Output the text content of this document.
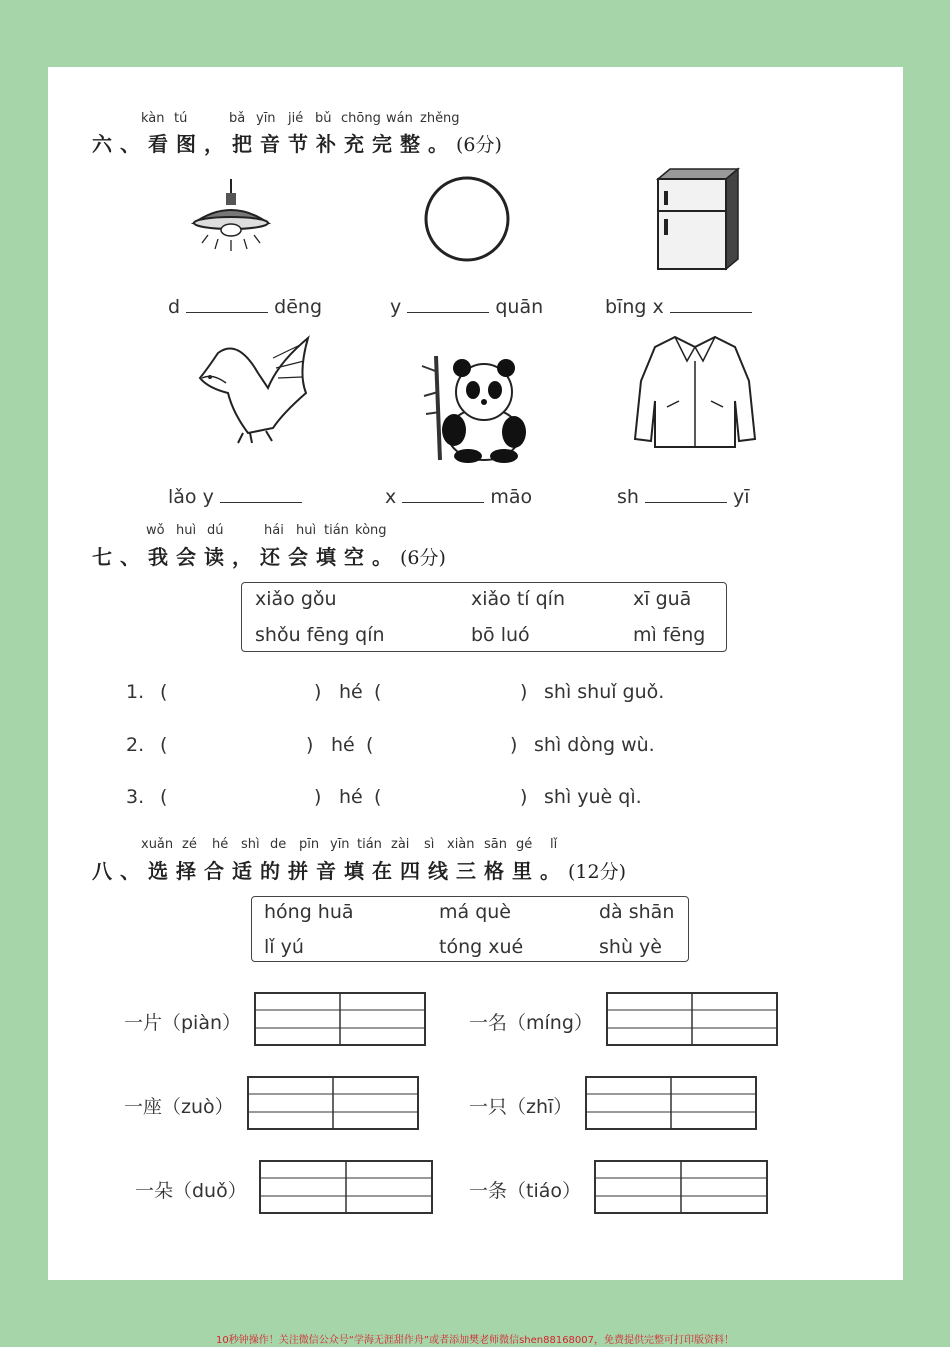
kàn tú	bǎ yīn jié bǔ chōng wán zhěng
六、看图，把音节补充完整。(6分)
d	dēng	y	quān	bīng x
lǎo y	x	māo	sh	yī
wǒ huì dú	hái huì tián kòng
七、我会读，还会填空。(6分)
xiǎo gǒu	xiǎo tí qín	xī guā
shǒu fēng qín	bō luó	mì fēng
1. (	) hé (	) shì shuǐ guǒ.
2. (	) hé (	) shì dòng wù.
3. (	) hé (	) shì yuè qì.
xuǎn zé hé shì de pīn yīn tián zài sì xiàn sān gé lǐ
八、选择合适的拼音填在四线三格里。(12分)
hóng huā	má què	dà shān
lǐ yú	tóng xué	shù yè
一片（piàn）	一名（míng）
一座（zuò）	一只（zhī）
一朵（duǒ）	一条（tiáo）
10秒钟操作！关注微信公众号“学海无涯甜作舟”或者添加樊老师微信shen88168007，免费提供完整可打印版资料！
